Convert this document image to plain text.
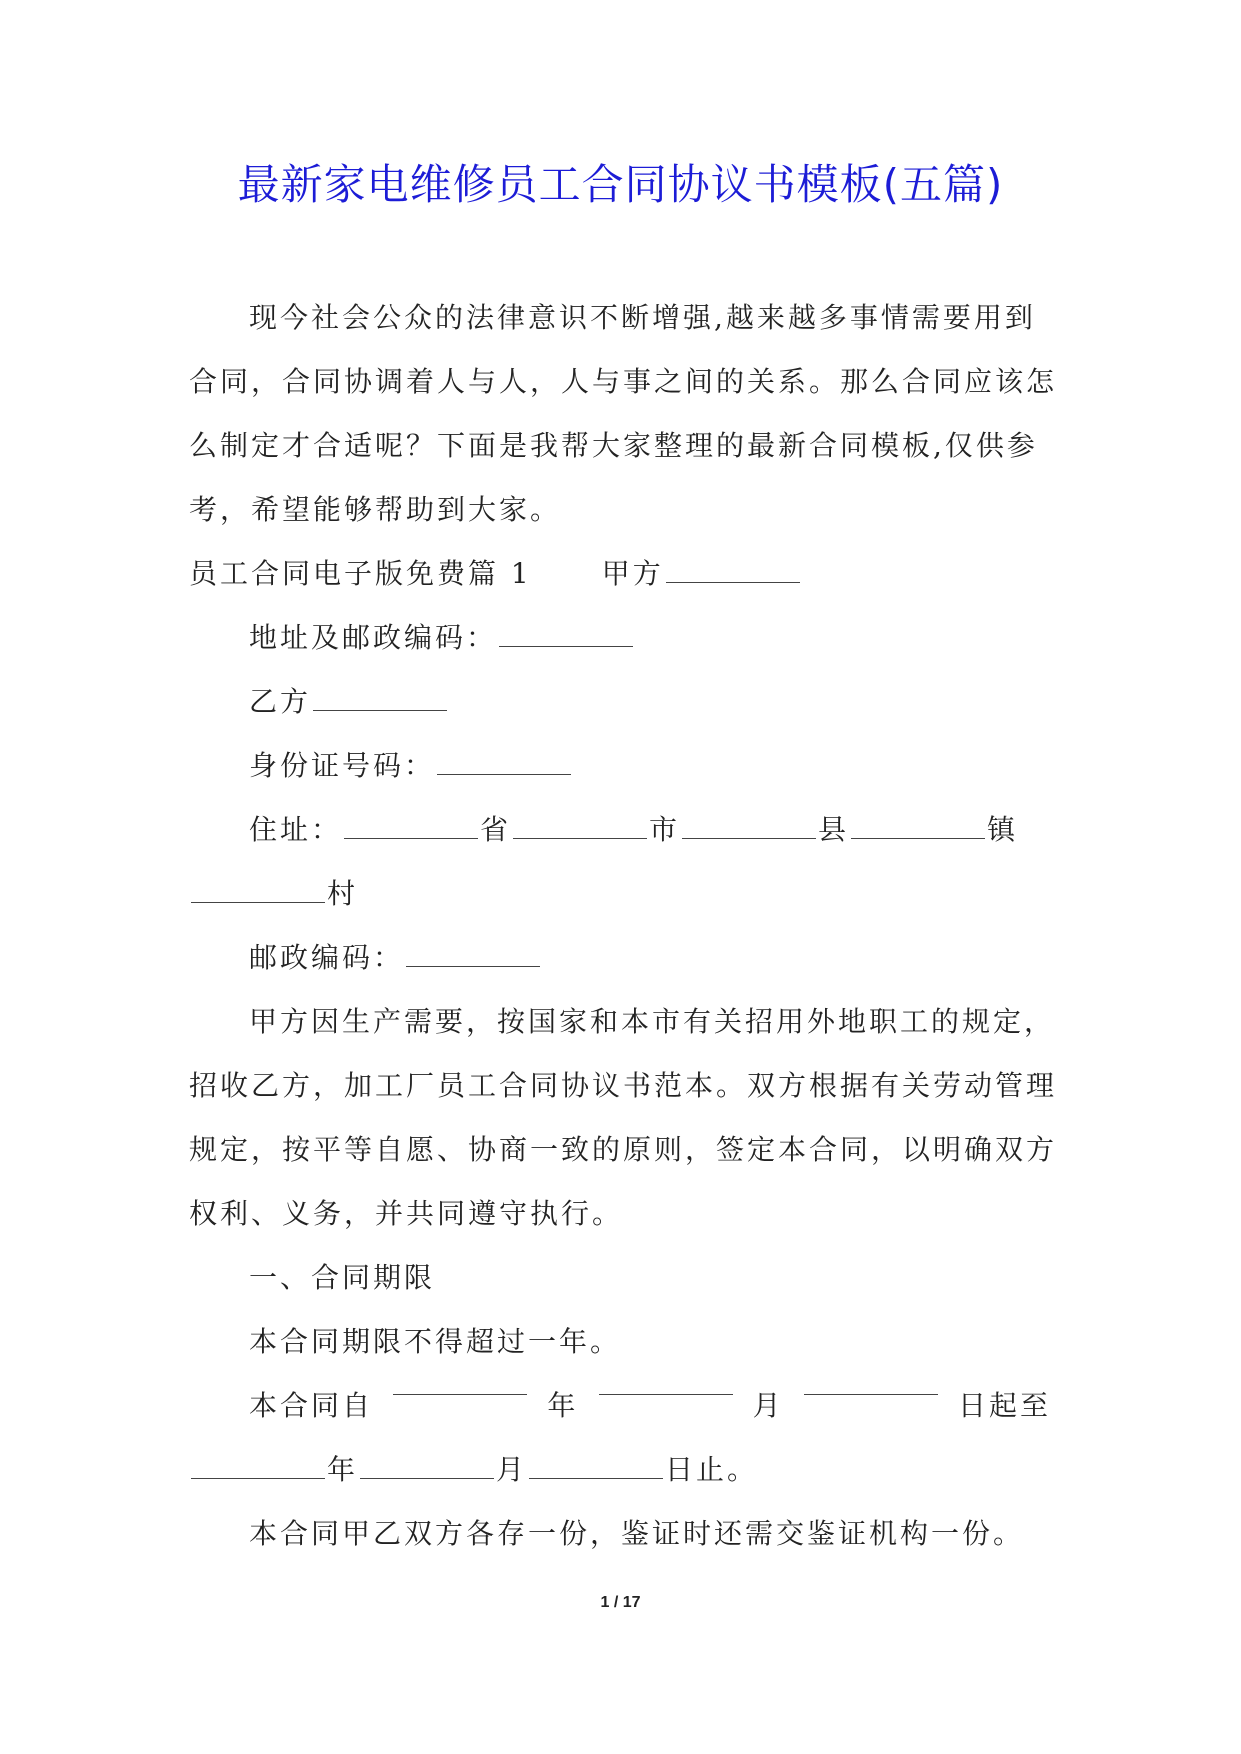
最新家电维修员工合同协议书模板(五篇)

现今社会公众的法律意识不断增强,越来越多事情需要用到

合同，合同协调着人与人，人与事之间的关系。那么合同应该怎

么制定才合适呢？下面是我帮大家整理的最新合同模板,仅供参

考，希望能够帮助到大家。

员工合同电子版免费篇 1	甲方

地址及邮政编码：

乙方

身份证号码：

住址：	省	市	县	镇

村

邮政编码：

甲方因生产需要，按国家和本市有关招用外地职工的规定，

招收乙方，加工厂员工合同协议书范本。双方根据有关劳动管理

规定，按平等自愿、协商一致的原则，签定本合同，以明确双方

权利、义务，并共同遵守执行。

一、合同期限

本合同期限不得超过一年。

本合同自	年	月	日起至

年	月	日止。

本合同甲乙双方各存一份，鉴证时还需交鉴证机构一份。

1 / 17
